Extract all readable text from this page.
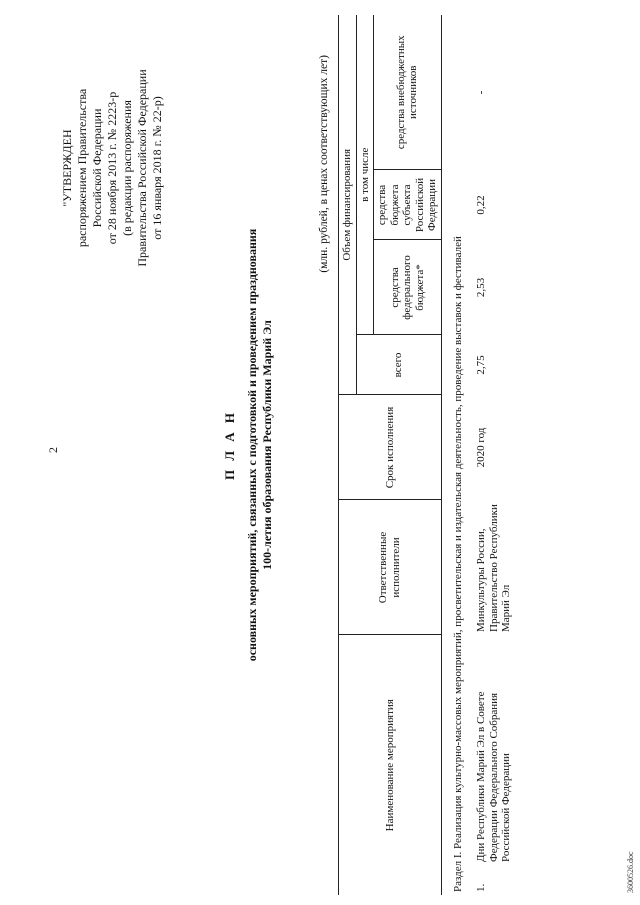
2
"УТВЕРЖДЕН распоряжением Правительства Российской Федерации от 28 ноября 2013 г. № 2223-р (в редакции распоряжения Правительства Российской Федерации от 16 января 2018 г. № 22-р)
П Л А Н основных мероприятий, связанных с подготовкой и проведением празднования 100-летия образования Республики Марий Эл
(млн. рублей, в ценах соответствующих лет)
Наименование мероприятия		Ответственные исполнители	Срок исполнения	Объем финансирования			
				всего	в том числе		
					средства федерального бюджета*	средства бюджета субъекта Российской Федерации	средства внебюджетных источников
Раздел I. Реализация культурно-массовых мероприятий, просветительская и издательская деятельность, проведение выставок и фестивалей							
1.	Дни Республики Марий Эл в Совете Федерации Федерального Собрания Российской Федерации	Минкультуры России, Правительство Республики Марий Эл	2020 год	2,75	2,53	0,22	-
3600526.doc
